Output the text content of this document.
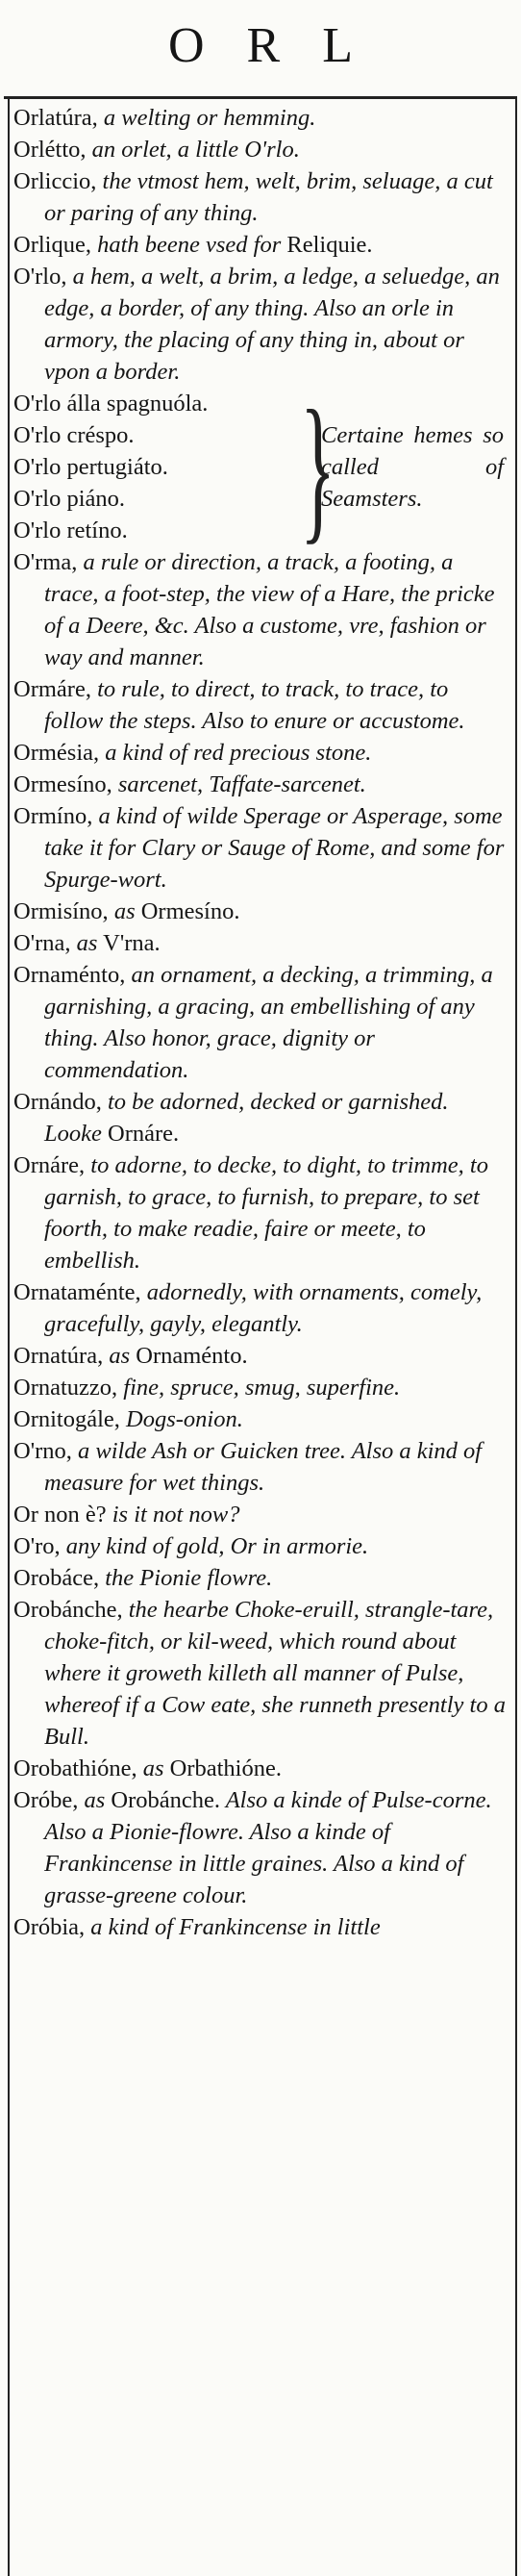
ORL
Orlatúra, a welting or hemming.
Orlétto, an orlet, a little O'rlo.
Orliccio, the vtmost hem, welt, brim, seluage, a cut or paring of any thing.
Orlique, hath beene vsed for Reliquie.
O'rlo, a hem, a welt, a brim, a ledge, a seluedge, an edge, a border, of any thing. Also an orle in armory, the placing of any thing in, about or vpon a border.
O'rlo álla spagnuóla.
O'rlo créspo.
O'rlo pertugiáto.
O'rlo piáno.
O'rlo retíno.	}
Certaine hemes so called of Seamsters.
O'rma, a rule or direction, a track, a footing, a trace, a foot-step, the view of a Hare, the pricke of a Deere, &c. Also a custome, vre, fashion or way and manner.
Ormáre, to rule, to direct, to track, to trace, to follow the steps. Also to enure or accustome.
Ormésia, a kind of red precious stone.
Ormesíno, sarcenet, Taffate-sarcenet.
Ormíno, a kind of wilde Sperage or Asperage, some take it for Clary or Sauge of Rome, and some for Spurge-wort.
Ormisíno, as Ormesíno.
O'rna, as V'rna.
Ornaménto, an ornament, a decking, a trimming, a garnishing, a gracing, an embellishing of any thing. Also honor, grace, dignity or commendation.
Ornándo, to be adorned, decked or garnished. Looke Ornáre.
Ornáre, to adorne, to decke, to dight, to trimme, to garnish, to grace, to furnish, to prepare, to set foorth, to make readie, faire or meete, to embellish.
Ornataménte, adornedly, with ornaments, comely, gracefully, gayly, elegantly.
Ornatúra, as Ornaménto.
Ornatuzzo, fine, spruce, smug, superfine.
Ornitogále, Dogs-onion.
O'rno, a wilde Ash or Guicken tree. Also a kind of measure for wet things.
Or non è? is it not now?
O'ro, any kind of gold, Or in armorie.
Orobáce, the Pionie flowre.
Orobánche, the hearbe Choke-eruill, strangle-tare, choke-fitch, or kil-weed, which round about where it groweth killeth all manner of Pulse, whereof if a Cow eate, she runneth presently to a Bull.
Orobathióne, as Orbathióne.
Oróbe, as Orobánche. Also a kinde of Pulse-corne. Also a Pionie-flowre. Also a kinde of Frankincense in little graines. Also a kind of grasse-greene colour.
Oróbia, a kind of Frankincense in little
